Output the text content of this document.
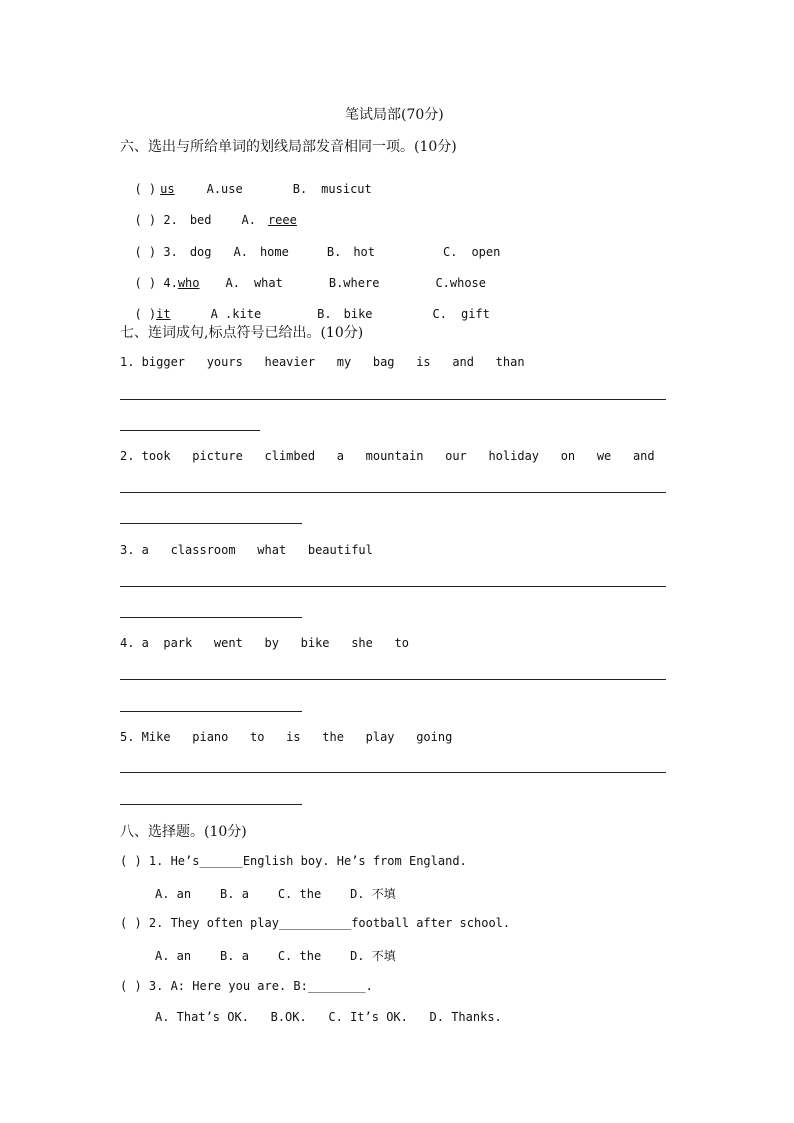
笔试局部(70分)
六、选出与所给单词的划线局部发音相同一项。(10分)

( ) us	A.use	B. musicut

( ) 2. bed	A. reee

( ) 3. dog A. home	B. hot	C. open

( ) 4.who A. what	B.where	C.whose

( )it	A .kite	B. bike	C. gift

七、连词成句,标点符号已给出。(10分)
1. bigger   yours   heavier   my   bag   is   and   than
2. took   picture   climbed   a   mountain   our   holiday   on   we   and
3. a   classroom   what   beautiful
4. a  park   went   by   bike   she   to
5. Mike   piano   to   is   the   play   going
八、选择题。(10分)
( ) 1. He’s______English boy. He’s from England.
A. an    B. a    C. the    D. 不填
( ) 2. They often play__________football after school.
A. an    B. a    C. the    D. 不填
( ) 3. A: Here you are. B:________.
A. That’s OK.   B.OK.   C. It’s OK.   D. Thanks.
